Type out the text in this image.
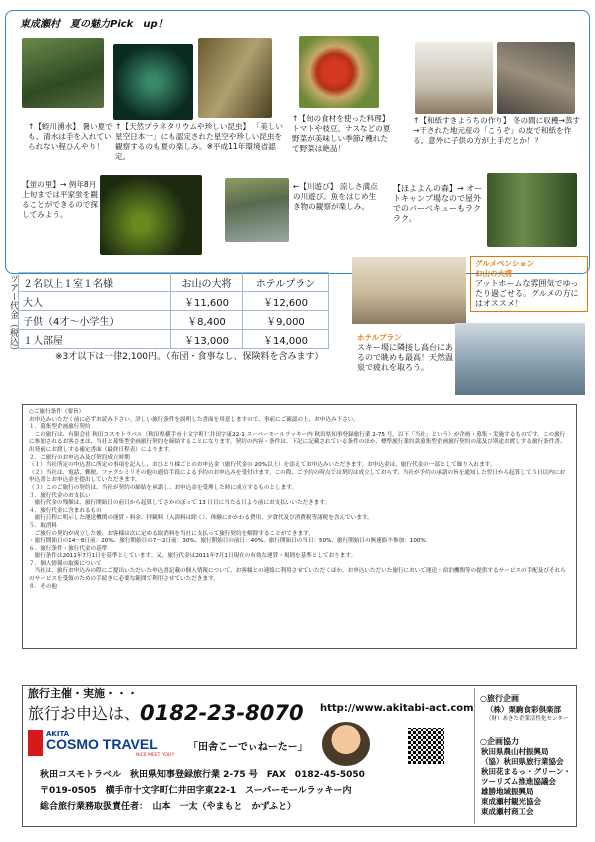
東成瀬村　夏の魅力Pick　up！
↑【蛭川湧水】 暑い夏でも、清水は手を入れていられない程ひんやり！
↑【天然プラネタリウムや珍しい昆虫】 「美しい星空日本一」にも認定された星空や珍しい昆虫を観察するのも夏の楽しみ。※平成11年環境省認定。
↑【旬の食材を使った料理】 トマトや枝豆、ナスなどの夏野菜が美味しい季節♪穫れたて野菜は絶品！
↑【和紙すきようちの作り】 冬の間に収穫→蒸す→干された地元産の「こうぞ」の皮で和紙を作る。意外に子供の方が上手だとか！？
【蛍の里】→ 例年8月上旬までは平家蛍を観ることができるので探してみよう。
←【川遊び】 涼しさ満点の川遊び。魚をはじめ生き物の観察が楽しみ。
【ほよよんの森】→ オートキャンプ場なので屋外でのバーベキューもラクラク。
ツアー代金（税込） ２名以上１室１名様	お山の大将	ホテルプラン
大人	￥11,600	￥12,600
子供（4才〜小学生）	￥8,400	￥9,000
１人部屋	￥13,000	￥14,000
※3才以下は一律2,100円。（布団・食事なし、保険料を含みます）
グルメペンション
お山の大将
アットホームな雰囲気でゆったり過ごせる。グルメの方にはオススメ！
ホテルプラン
スキー場に隣接し高台にあるので眺めも最高！天然温泉で疲れを取ろう。
○ご旅行条件（要旨）
お申込みいただく前に必ずお読み下さい。詳しい旅行条件を説明した書面を用意しますので、事前にご確認の上、お申込み下さい。
１．募集型企画旅行契約
　この旅行は、有限会社 秋田コスモトラベル（秋田県横手市十文字町仁井田字東22-1 スーパーモールラッキー内 秋田県知事登録旅行業 2-75 号。以下「当社」という）が企画・募集・実施するものです。この旅行に参加されるお客さまは、当社と募集型企画旅行契約を締結することになります。契約の内容・条件は、下記に記載されている条件のほか、標準旅行業約款募集型企画旅行契約の部及び別途お渡しする旅行条件書、出発前にお渡しする確定書面（最終日程表）によります。
２．ご旅行のお申込み及び契約成立時期
（１）当社所定の申込書に所定の事項を記入し、おひとり様ごとのお申込金（旅行代金の 20%以上）を添えてお申込みいただきます。お申込金は、旅行代金の一部として繰り入れます。
（２）当社は、電話、郵便、ファクシミリその他の通信手段による予約のお申込みを受付けます。この際、ご予約の時点では契約は成立しておらず、当社が予約の承諾の旨を通知した翌日から起算して３日以内にお申込書とお申込金を提出していただきます。
（３）このご旅行の契約は、当社が契約の締結を承諾し、お申込金を受理した時に成立するものとします。
３．旅行代金のお支払い
　旅行代金の残額は、旅行開始日の前日から起算してさかのぼって 13 日目に当たる日より前にお支払いいただきます。
４．旅行代金に含まれるもの
　旅行日程に明示した運送機関の運賃・料金、拝観料（入浴料は除く）、体験にかかわる費用、夕食代及び消費税等諸税を含んでいます。
５．取消料
　ご旅行の契約が成立した後、お客様は次に定める取消料を当社に支払って旅行契約を解除することができます。
・旅行開始日の14〜8日前：20%、旅行開始日の7〜2日前：30%、旅行開始日の前日：40%、旅行開始日の当日：50%、旅行開始日の無連絡不参加：100%
６．旅行条件・旅行代金の基準
　旅行条件は2011年7月1日を基準としています。又、旅行代金は2011年7月1日現在の有効な運賃・規則を基準としております。
７．個人情報の取扱について
　当社は、旅行お申込みの際にご提出いただいた申込書記載の個人情報について、お客様との連絡に利用させていただくほか、お申込いただいた旅行において運送・宿泊機関等の提供するサービスの手配及びそれらのサービスを受領のための手続きに必要な範囲で利用させていただきます。
８．その他
旅行主催・実施・・・
旅行お申込は、 0182-23-8070 http://www.akitabi-act.com
AKITA
COSMO TRAVEL
NICE MEET YOU!!
「田舎こーでぃねーたー」
秋田コスモトラベル　秋田県知事登録旅行業 2-75 号　FAX　0182-45-5050
〒019-0505　横手市十文字町仁井田字東22-1　スーパーモールラッキー内
総合旅行業務取扱責任者：　山本　一太（やまもと　かずふと）
○旅行企画
（株）栗駒食彩倶楽部
（財）あきた企業活性化センター
○企画協力
秋田県農山村振興局
（協）秋田県旅行業協会
秋田花まるっ・グリーン・ツーリズム推進協議会
雄勝地域振興局
東成瀬村観光協会
東成瀬村商工会
